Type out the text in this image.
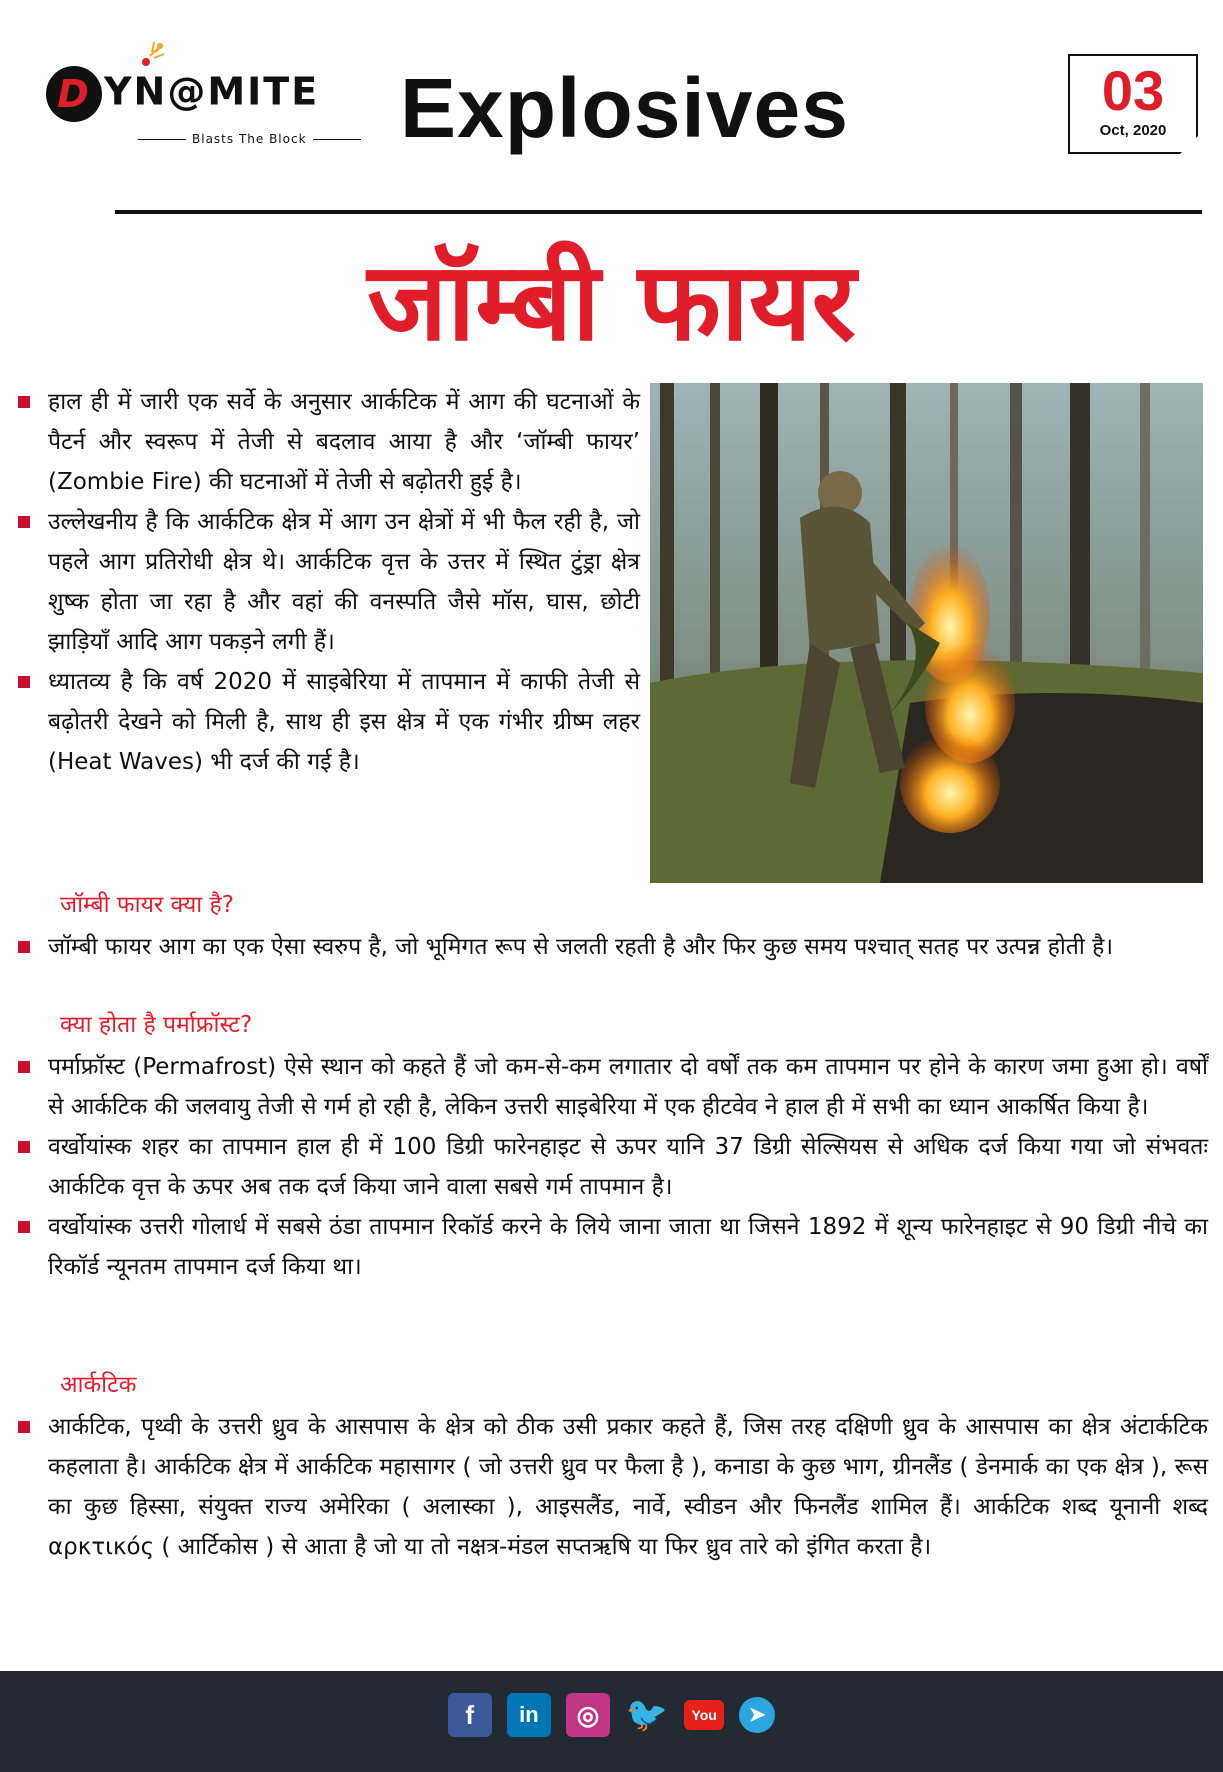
D YN@MITE
Blasts The Block	Explosives	03
Oct, 2020
जॉम्बी फायर
हाल ही में जारी एक सर्वे के अनुसार आर्कटिक में आग की घटनाओं के पैटर्न और स्वरूप में तेजी से बदलाव आया है और ‘जॉम्बी फायर’ (Zombie Fire) की घटनाओं में तेजी से बढ़ोतरी हुई है।
उल्लेखनीय है कि आर्कटिक क्षेत्र में आग उन क्षेत्रों में भी फैल रही है, जो पहले आग प्रतिरोधी क्षेत्र थे। आर्कटिक वृत्त के उत्तर में स्थित टुंड्रा क्षेत्र शुष्क होता जा रहा है और वहां की वनस्पति जैसे मॉस, घास, छोटी झाड़ियाँ आदि आग पकड़ने लगी हैं।
ध्यातव्य है कि वर्ष 2020 में साइबेरिया में तापमान में काफी तेजी से बढ़ोतरी देखने को मिली है, साथ ही इस क्षेत्र में एक गंभीर ग्रीष्म लहर (Heat Waves) भी दर्ज की गई है।
जॉम्बी फायर क्या है?
जॉम्बी फायर आग का एक ऐसा स्वरुप है, जो भूमिगत रूप से जलती रहती है और फिर कुछ समय पश्चात् सतह पर उत्पन्न होती है।
क्या होता है पर्माफ्रॉस्ट?
पर्माफ्रॉस्ट (Permafrost) ऐसे स्थान को कहते हैं जो कम-से-कम लगातार दो वर्षों तक कम तापमान पर होने के कारण जमा हुआ हो। वर्षों से आर्कटिक की जलवायु तेजी से गर्म हो रही है, लेकिन उत्तरी साइबेरिया में एक हीटवेव ने हाल ही में सभी का ध्यान आकर्षित किया है।
वर्खोयांस्क शहर का तापमान हाल ही में 100 डिग्री फारेनहाइट से ऊपर यानि 37 डिग्री सेल्सियस से अधिक दर्ज किया गया जो संभवतः आर्कटिक वृत्त के ऊपर अब तक दर्ज किया जाने वाला सबसे गर्म तापमान है।
वर्खोयांस्क उत्तरी गोलार्ध में सबसे ठंडा तापमान रिकॉर्ड करने के लिये जाना जाता था जिसने 1892 में शून्य फारेनहाइट से 90 डिग्री नीचे का रिकॉर्ड न्यूनतम तापमान दर्ज किया था।
आर्कटिक
आर्कटिक, पृथ्वी के उत्तरी ध्रुव के आसपास के क्षेत्र को ठीक उसी प्रकार कहते हैं, जिस तरह दक्षिणी ध्रुव के आसपास का क्षेत्र अंटार्कटिक कहलाता है। आर्कटिक क्षेत्र में आर्कटिक महासागर ( जो उत्तरी ध्रुव पर फैला है ), कनाडा के कुछ भाग, ग्रीनलैंड ( डेनमार्क का एक क्षेत्र ), रूस का कुछ हिस्सा, संयुक्त राज्य अमेरिका ( अलास्का ), आइसलैंड, नार्वे, स्वीडन और फिनलैंड शामिल हैं। आर्कटिक शब्द यूनानी शब्द αρκτικός ( आर्टिकोस ) से आता है जो या तो नक्षत्र-मंडल सप्तऋषि या फिर ध्रुव तारे को इंगित करता है।
f in ◎ 🐦 You ➤
